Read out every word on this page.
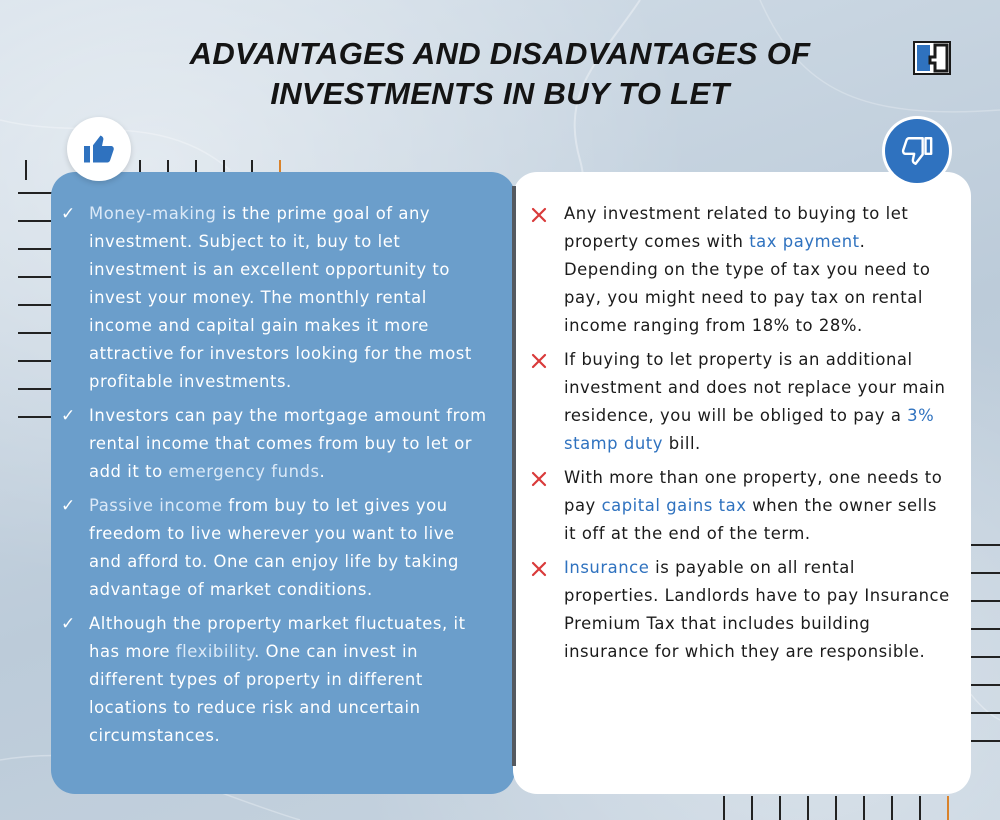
ADVANTAGES AND DISADVANTAGES OF
INVESTMENTS IN BUY TO LET
✓ Money-making is the prime goal of any investment. Subject to it, buy to let investment is an excellent opportunity to invest your money. The monthly rental income and capital gain makes it more attractive for investors looking for the most profitable investments.
✓ Investors can pay the mortgage amount from rental income that comes from buy to let or add it to emergency funds.
✓ Passive income from buy to let gives you freedom to live wherever you want to live and afford to. One can enjoy life by taking advantage of market conditions.
✓ Although the property market fluctuates, it has more flexibility. One can invest in different types of property in different locations to reduce risk and uncertain circumstances.
Any investment related to buying to let property comes with tax payment. Depending on the type of tax you need to pay, you might need to pay tax on rental income ranging from 18% to 28%.
If buying to let property is an additional investment and does not replace your main residence, you will be obliged to pay a 3% stamp duty bill.
With more than one property, one needs to pay capital gains tax when the owner sells it off at the end of the term.
Insurance is payable on all rental properties. Landlords have to pay Insurance Premium Tax that includes building insurance for which they are responsible.
